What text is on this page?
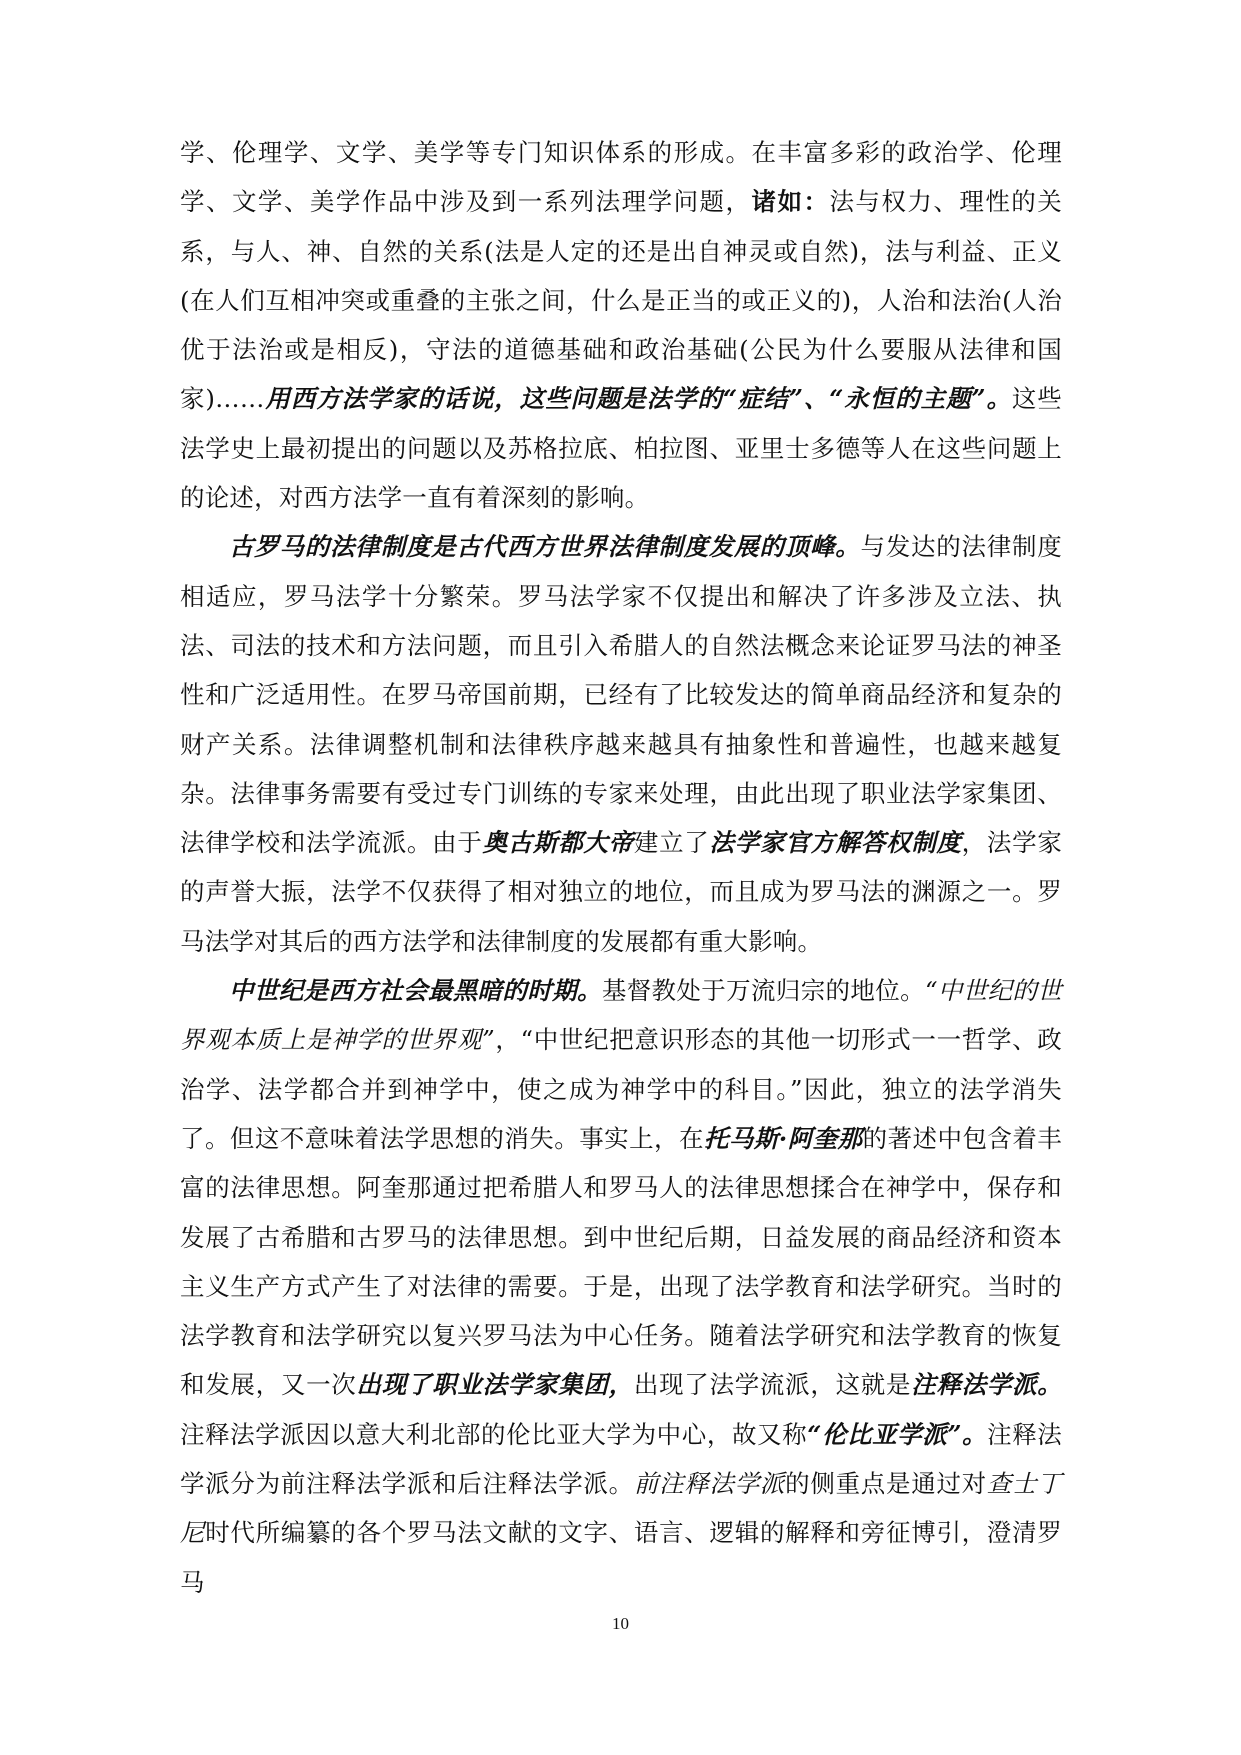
学、伦理学、文学、美学等专门知识体系的形成。在丰富多彩的政治学、伦理学、文学、美学作品中涉及到一系列法理学问题，诸如：法与权力、理性的关系，与人、神、自然的关系(法是人定的还是出自神灵或自然)，法与利益、正义(在人们互相冲突或重叠的主张之间，什么是正当的或正义的)，人治和法治(人治优于法治或是相反)，守法的道德基础和政治基础(公民为什么要服从法律和国家)……用西方法学家的话说，这些问题是法学的“症结”、“永恒的主题”。这些法学史上最初提出的问题以及苏格拉底、柏拉图、亚里士多德等人在这些问题上的论述，对西方法学一直有着深刻的影响。

古罗马的法律制度是古代西方世界法律制度发展的顶峰。与发达的法律制度相适应，罗马法学十分繁荣。罗马法学家不仅提出和解决了许多涉及立法、执法、司法的技术和方法问题，而且引入希腊人的自然法概念来论证罗马法的神圣性和广泛适用性。在罗马帝国前期，已经有了比较发达的简单商品经济和复杂的财产关系。法律调整机制和法律秩序越来越具有抽象性和普遍性，也越来越复杂。法律事务需要有受过专门训练的专家来处理，由此出现了职业法学家集团、法律学校和法学流派。由于奥古斯都大帝建立了法学家官方解答权制度，法学家的声誉大振，法学不仅获得了相对独立的地位，而且成为罗马法的渊源之一。罗马法学对其后的西方法学和法律制度的发展都有重大影响。

中世纪是西方社会最黑暗的时期。基督教处于万流归宗的地位。“中世纪的世界观本质上是神学的世界观”，“中世纪把意识形态的其他一切形式一一哲学、政治学、法学都合并到神学中，使之成为神学中的科目。”因此，独立的法学消失了。但这不意味着法学思想的消失。事实上，在托马斯·阿奎那的著述中包含着丰富的法律思想。阿奎那通过把希腊人和罗马人的法律思想揉合在神学中，保存和发展了古希腊和古罗马的法律思想。到中世纪后期，日益发展的商品经济和资本主义生产方式产生了对法律的需要。于是，出现了法学教育和法学研究。当时的法学教育和法学研究以复兴罗马法为中心任务。随着法学研究和法学教育的恢复和发展，又一次出现了职业法学家集团，出现了法学流派，这就是注释法学派。注释法学派因以意大利北部的伦比亚大学为中心，故又称“伦比亚学派”。注释法学派分为前注释法学派和后注释法学派。前注释法学派的侧重点是通过对查士丁尼时代所编纂的各个罗马法文献的文字、语言、逻辑的解释和旁征博引，澄清罗马

10
